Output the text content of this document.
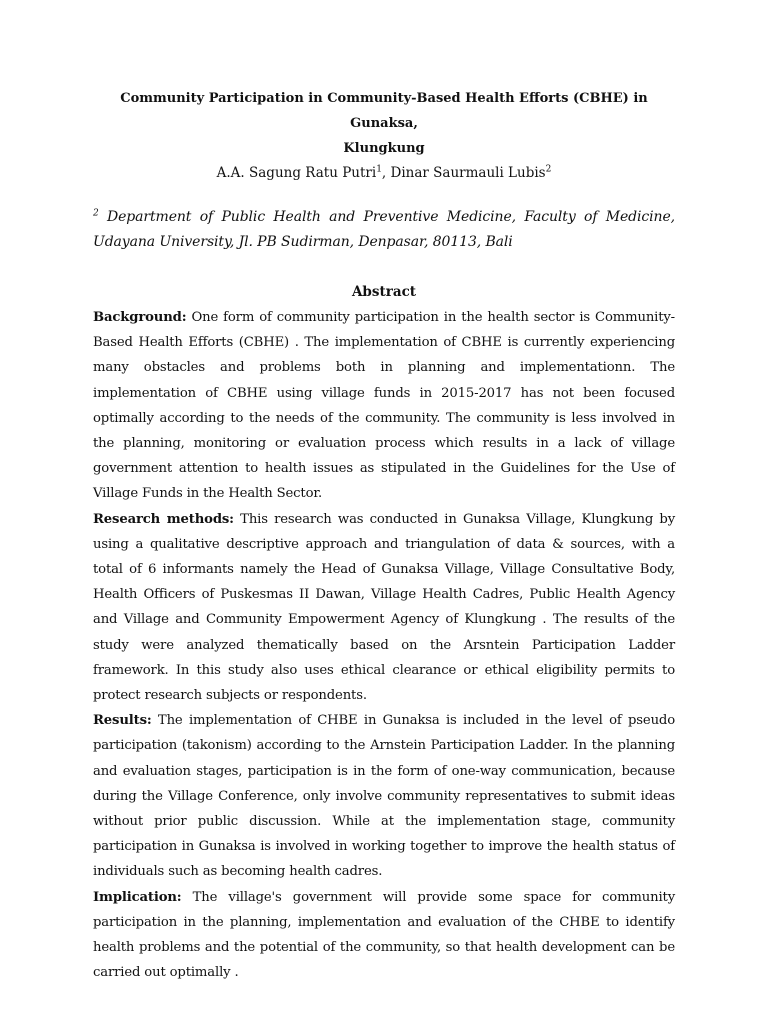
Community Participation in Community-Based Health Efforts (CBHE) in Gunaksa,
Klungkung

A.A. Sagung Ratu Putri$^1$, Dinar Saurmauli Lubis$^2$

$^2$ Department of Public Health and Preventive Medicine, Faculty of Medicine, Udayana University, Jl. PB Sudirman, Denpasar, 80113, Bali

Abstract

Background: One form of community participation in the health sector is Community-Based Health Efforts (CBHE) . The implementation of CBHE is currently experiencing many obstacles and problems both in planning and implementationn. The implementation of CBHE using village funds in 2015-2017 has not been focused optimally according to the needs of the community. The community is less involved in the planning, monitoring or evaluation process which results in a lack of village government attention to health issues as stipulated in the Guidelines for the Use of Village Funds in the Health Sector.

Research methods: This research was conducted in Gunaksa Village, Klungkung by using a qualitative descriptive approach and triangulation of data & sources, with a total of 6 informants namely the Head of Gunaksa Village, Village Consultative Body, Health Officers of Puskesmas II Dawan, Village Health Cadres, Public Health Agency and Village and Community Empowerment Agency of Klungkung . The results of the study were analyzed thematically based on the Arsntein Participation Ladder framework. In this study also uses ethical clearance or ethical eligibility permits to protect research subjects or respondents.

Results: The implementation of CHBE in Gunaksa is included in the level of pseudo participation (takonism) according to the Arnstein Participation Ladder. In the planning and evaluation stages, participation is in the form of one-way communication, because during the Village Conference, only involve community representatives to submit ideas without prior public discussion. While at the implementation stage, community participation in Gunaksa is involved in working together to improve the health status of individuals such as becoming health cadres.

Implication: The village's government will provide some space for community participation in the planning, implementation and evaluation of the CHBE to identify health problems and the potential of the community, so that health development can be carried out optimally .
